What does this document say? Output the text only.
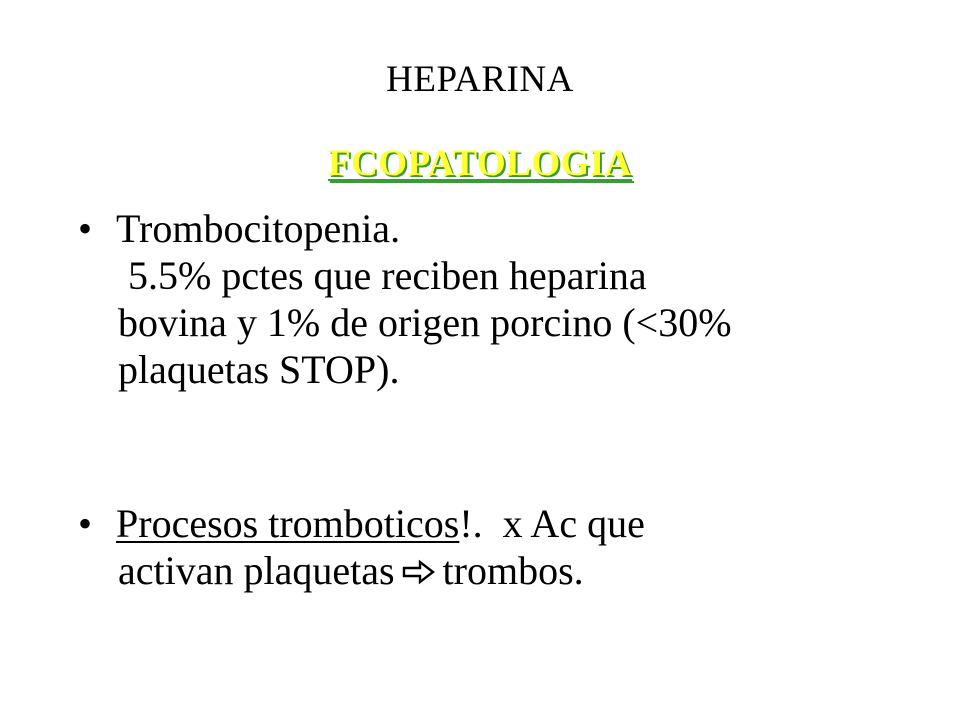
HEPARINA
FCOPATOLOGIA
• Trombocitopenia.
5.5% pctes que reciben heparina
bovina y 1% de origen porcino (<30%
plaquetas STOP).
• Procesos tromboticos!.  x Ac que
activan plaquetas trombos.
